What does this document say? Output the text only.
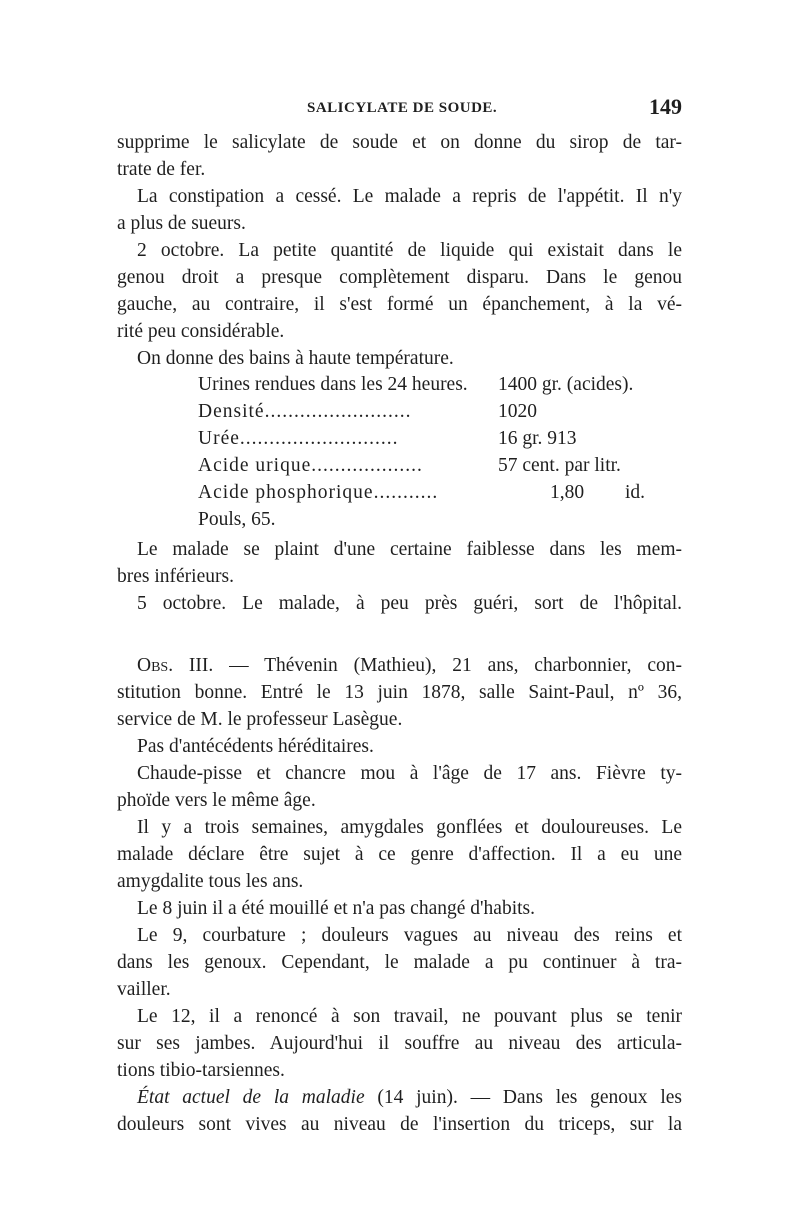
SALICYLATE DE SOUDE.	149
supprime le salicylate de soude et on donne du sirop de tar-
trate de fer.
La constipation a cessé. Le malade a repris de l'appétit. Il n'y
a plus de sueurs.
2 octobre. La petite quantité de liquide qui existait dans le
genou droit a presque complètement disparu. Dans le genou
gauche, au contraire, il s'est formé un épanchement, à la vé-
rité peu considérable.
On donne des bains à haute température.
Urines rendues dans les 24 heures. 1400 gr. (acides).
Densité.........................	1020
Urée...........................	16 gr. 913
Acide urique...................	57 cent. par litr.
Acide phosphorique...........	1,80 id.
Pouls, 65.
Le malade se plaint d'une certaine faiblesse dans les mem-
bres inférieurs.
5 octobre. Le malade, à peu près guéri, sort de l'hôpital.
Obs. III. — Thévenin (Mathieu), 21 ans, charbonnier, con-
stitution bonne. Entré le 13 juin 1878, salle Saint-Paul, nº 36,
service de M. le professeur Lasègue.
Pas d'antécédents héréditaires.
Chaude-pisse et chancre mou à l'âge de 17 ans. Fièvre ty-
phoïde vers le même âge.
Il y a trois semaines, amygdales gonflées et douloureuses. Le
malade déclare être sujet à ce genre d'affection. Il a eu une
amygdalite tous les ans.
Le 8 juin il a été mouillé et n'a pas changé d'habits.
Le 9, courbature ; douleurs vagues au niveau des reins et
dans les genoux. Cependant, le malade a pu continuer à tra-
vailler.
Le 12, il a renoncé à son travail, ne pouvant plus se tenir
sur ses jambes. Aujourd'hui il souffre au niveau des articula-
tions tibio-tarsiennes.
État actuel de la maladie (14 juin). — Dans les genoux les
douleurs sont vives au niveau de l'insertion du triceps, sur la
